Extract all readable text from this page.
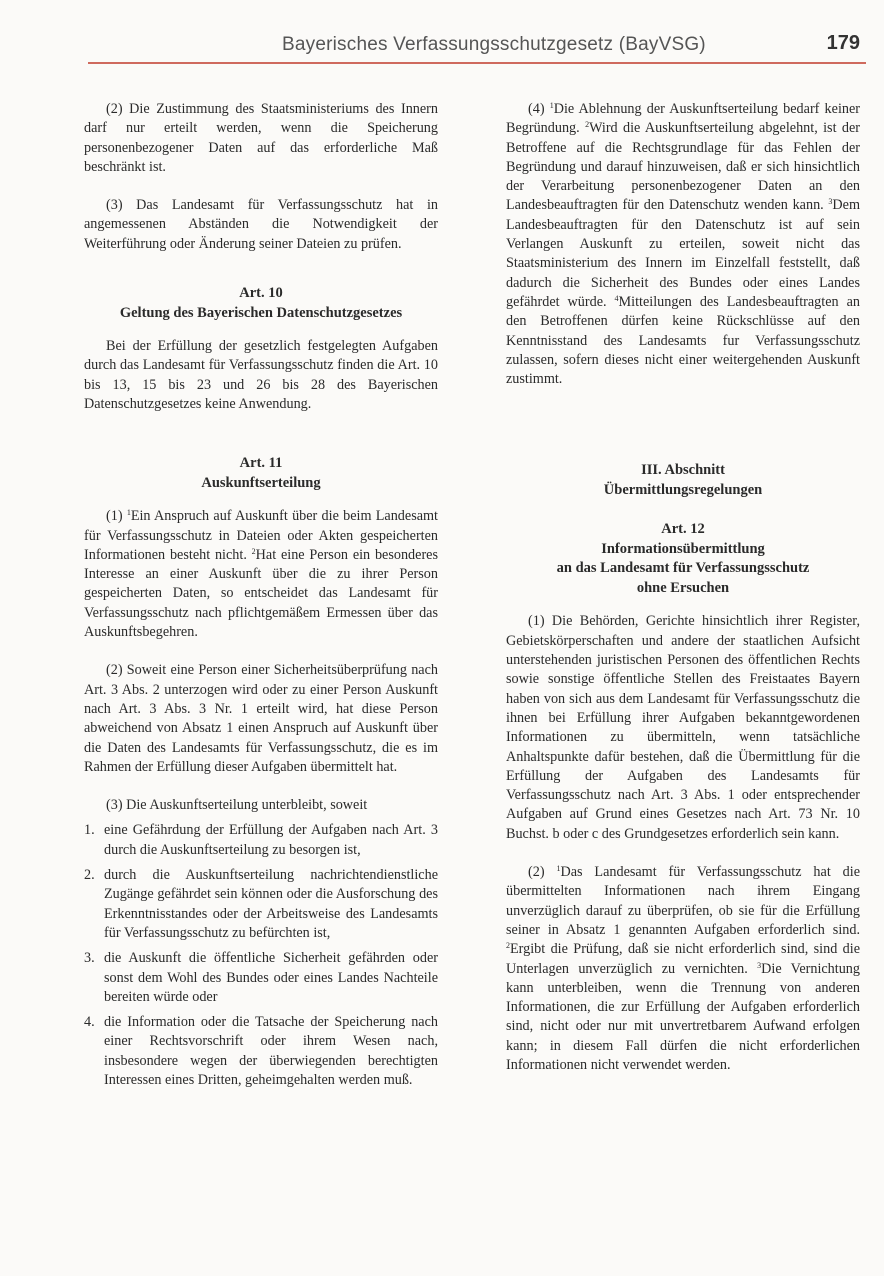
Bayerisches Verfassungsschutzgesetz (BayVSG)	179

(2) Die Zustimmung des Staatsministeriums des Innern darf nur erteilt werden, wenn die Speicherung personenbezogener Daten auf das erforderliche Maß beschränkt ist.

(3) Das Landesamt für Verfassungsschutz hat in angemessenen Abständen die Notwendigkeit der Weiterführung oder Änderung seiner Dateien zu prüfen.

Art. 10
Geltung des Bayerischen Datenschutzgesetzes

Bei der Erfüllung der gesetzlich festgelegten Aufgaben durch das Landesamt für Verfassungsschutz finden die Art. 10 bis 13, 15 bis 23 und 26 bis 28 des Bayerischen Datenschutzgesetzes keine Anwendung.

Art. 11
Auskunftserteilung

(1) $^1$Ein Anspruch auf Auskunft über die beim Landesamt für Verfassungsschutz in Dateien oder Akten gespeicherten Informationen besteht nicht. $^2$Hat eine Person ein besonderes Interesse an einer Auskunft über die zu ihrer Person gespeicherten Daten, so entscheidet das Landesamt für Verfassungsschutz nach pflichtgemäßem Ermessen über das Auskunftsbegehren.

(2) Soweit eine Person einer Sicherheitsüberprüfung nach Art. 3 Abs. 2 unterzogen wird oder zu einer Person Auskunft nach Art. 3 Abs. 3 Nr. 1 erteilt wird, hat diese Person abweichend von Absatz 1 einen Anspruch auf Auskunft über die Daten des Landesamts für Verfassungsschutz, die es im Rahmen der Erfüllung dieser Aufgaben übermittelt hat.

(3) Die Auskunftserteilung unterbleibt, soweit

1. eine Gefährdung der Erfüllung der Aufgaben nach Art. 3 durch die Auskunftserteilung zu besorgen ist,
2. durch die Auskunftserteilung nachrichtendienstliche Zugänge gefährdet sein können oder die Ausforschung des Erkenntnisstandes oder der Arbeitsweise des Landesamts für Verfassungsschutz zu befürchten ist,
3. die Auskunft die öffentliche Sicherheit gefährden oder sonst dem Wohl des Bundes oder eines Landes Nachteile bereiten würde oder
4. die Information oder die Tatsache der Speicherung nach einer Rechtsvorschrift oder ihrem Wesen nach, insbesondere wegen der überwiegenden berechtigten Interessen eines Dritten, geheimgehalten werden muß.

(4) $^1$Die Ablehnung der Auskunftserteilung bedarf keiner Begründung. $^2$Wird die Auskunftserteilung abgelehnt, ist der Betroffene auf die Rechtsgrundlage für das Fehlen der Begründung und darauf hinzuweisen, daß er sich hinsichtlich der Verarbeitung personenbezogener Daten an den Landesbeauftragten für den Datenschutz wenden kann. $^3$Dem Landesbeauftragten für den Datenschutz ist auf sein Verlangen Auskunft zu erteilen, soweit nicht das Staatsministerium des Innern im Einzelfall feststellt, daß dadurch die Sicherheit des Bundes oder eines Landes gefährdet würde. $^4$Mitteilungen des Landesbeauftragten an den Betroffenen dürfen keine Rückschlüsse auf den Kenntnisstand des Landesamts fur Verfassungsschutz zulassen, sofern dieses nicht einer weitergehenden Auskunft zustimmt.

III. Abschnitt
Übermittlungsregelungen
Art. 12
Informationsübermittlung
an das Landesamt für Verfassungsschutz
ohne Ersuchen

(1) Die Behörden, Gerichte hinsichtlich ihrer Register, Gebietskörperschaften und andere der staatlichen Aufsicht unterstehenden juristischen Personen des öffentlichen Rechts sowie sonstige öffentliche Stellen des Freistaates Bayern haben von sich aus dem Landesamt für Verfassungsschutz die ihnen bei Erfüllung ihrer Aufgaben bekanntgewordenen Informationen zu übermitteln, wenn tatsächliche Anhaltspunkte dafür bestehen, daß die Übermittlung für die Erfüllung der Aufgaben des Landesamts für Verfassungsschutz nach Art. 3 Abs. 1 oder entsprechender Aufgaben auf Grund eines Gesetzes nach Art. 73 Nr. 10 Buchst. b oder c des Grundgesetzes erforderlich sein kann.

(2) $^1$Das Landesamt für Verfassungsschutz hat die übermittelten Informationen nach ihrem Eingang unverzüglich darauf zu überprüfen, ob sie für die Erfüllung seiner in Absatz 1 genannten Aufgaben erforderlich sind. $^2$Ergibt die Prüfung, daß sie nicht erforderlich sind, sind die Unterlagen unverzüglich zu vernichten. $^3$Die Vernichtung kann unterbleiben, wenn die Trennung von anderen Informationen, die zur Erfüllung der Aufgaben erforderlich sind, nicht oder nur mit unvertretbarem Aufwand erfolgen kann; in diesem Fall dürfen die nicht erforderlichen Informationen nicht verwendet werden.
